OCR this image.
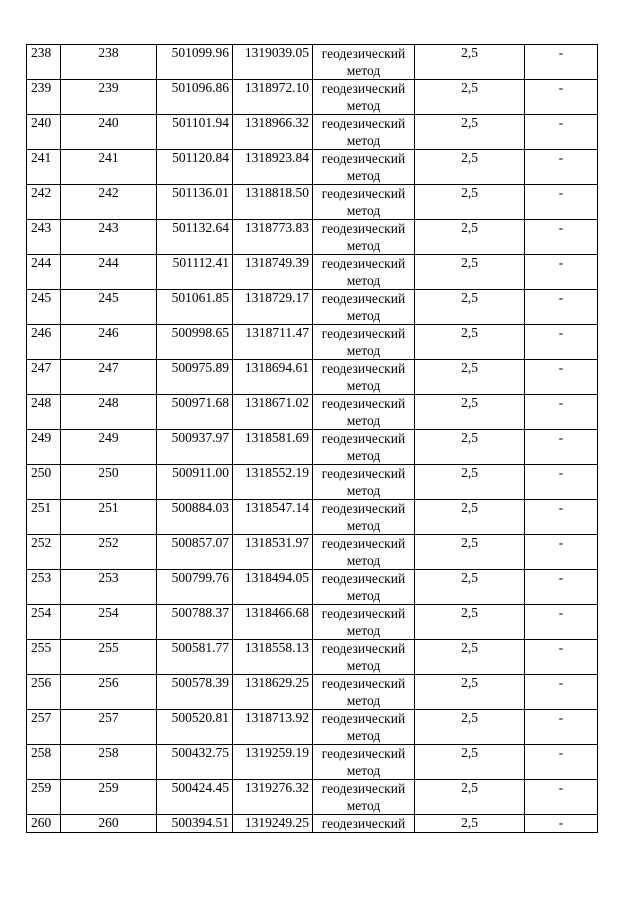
238	238	501099.96	1319039.05	геодезический метод	2,5	-
239	239	501096.86	1318972.10	геодезический метод	2,5	-
240	240	501101.94	1318966.32	геодезический метод	2,5	-
241	241	501120.84	1318923.84	геодезический метод	2,5	-
242	242	501136.01	1318818.50	геодезический метод	2,5	-
243	243	501132.64	1318773.83	геодезический метод	2,5	-
244	244	501112.41	1318749.39	геодезический метод	2,5	-
245	245	501061.85	1318729.17	геодезический метод	2,5	-
246	246	500998.65	1318711.47	геодезический метод	2,5	-
247	247	500975.89	1318694.61	геодезический метод	2,5	-
248	248	500971.68	1318671.02	геодезический метод	2,5	-
249	249	500937.97	1318581.69	геодезический метод	2,5	-
250	250	500911.00	1318552.19	геодезический метод	2,5	-
251	251	500884.03	1318547.14	геодезический метод	2,5	-
252	252	500857.07	1318531.97	геодезический метод	2,5	-
253	253	500799.76	1318494.05	геодезический метод	2,5	-
254	254	500788.37	1318466.68	геодезический метод	2,5	-
255	255	500581.77	1318558.13	геодезический метод	2,5	-
256	256	500578.39	1318629.25	геодезический метод	2,5	-
257	257	500520.81	1318713.92	геодезический метод	2,5	-
258	258	500432.75	1319259.19	геодезический метод	2,5	-
259	259	500424.45	1319276.32	геодезический метод	2,5	-
260	260	500394.51	1319249.25	геодезический	2,5	-
